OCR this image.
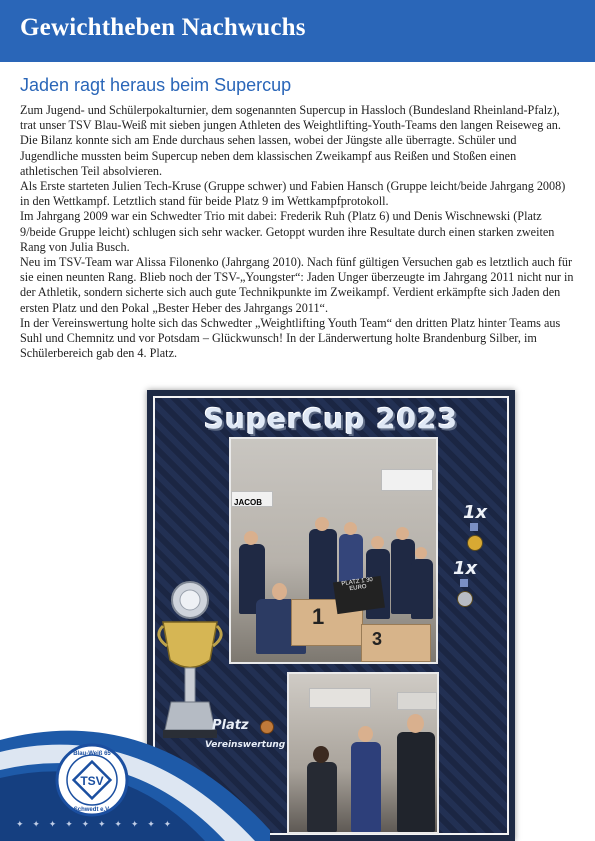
Gewichtheben Nachwuchs
Jaden ragt heraus beim Supercup

Zum Jugend- und Schülerpokalturnier, dem sogenannten Supercup in Hassloch (Bundesland Rheinland-Pfalz), trat unser TSV Blau-Weiß mit sieben jungen Athleten des Weightlifting-Youth-Teams den langen Reiseweg an. Die Bilanz konnte sich am Ende durchaus sehen lassen, wobei der Jüngste alle überragte. Schüler und Jugendliche mussten beim Supercup neben dem klassischen Zweikampf aus Reißen und Stoßen einen athletischen Teil absolvieren.

Als Erste starteten Julien Tech-Kruse (Gruppe schwer) und Fabien Hansch (Gruppe leicht/beide Jahrgang 2008) in den Wettkampf. Letztlich stand für beide Platz 9 im Wettkampfprotokoll.

Im Jahrgang 2009 war ein Schwedter Trio mit dabei: Frederik Ruh (Platz 6) und Denis Wischnewski (Platz 9/beide Gruppe leicht) schlugen sich sehr wacker. Getoppt wurden ihre Resultate durch einen starken zweiten Rang von Julia Busch.

Neu im TSV-Team war Alissa Filonenko (Jahrgang 2010). Nach fünf gültigen Versuchen gab es letztlich auch für sie einen neunten Rang. Blieb noch der TSV-„Youngster“: Jaden Unger überzeugte im Jahrgang 2011 nicht nur in der Athletik, sondern sicherte sich auch gute Technikpunkte im Zweikampf. Verdient erkämpfte sich Jaden den ersten Platz und den Pokal „Bester Heber des Jahrgangs 2011“.

In der Vereinswertung holte sich das Schwedter „Weightlifting Youth Team“ den dritten Platz hinter Teams aus Suhl und Chemnitz und vor Potsdam – Glückwunsch! In der Länderwertung holte Brandenburg Silber, im Schülerbereich gab den 4. Platz.

SuperCup 2023
JACOB
1
3
PLATZ 1 30 EURO
1x
1x
Platz
Vereinswertung
TSV
Blau-Weiß 65
Schwedt e.V.
✦ ✦ ✦ ✦ ✦ ✦ ✦ ✦ ✦ ✦
